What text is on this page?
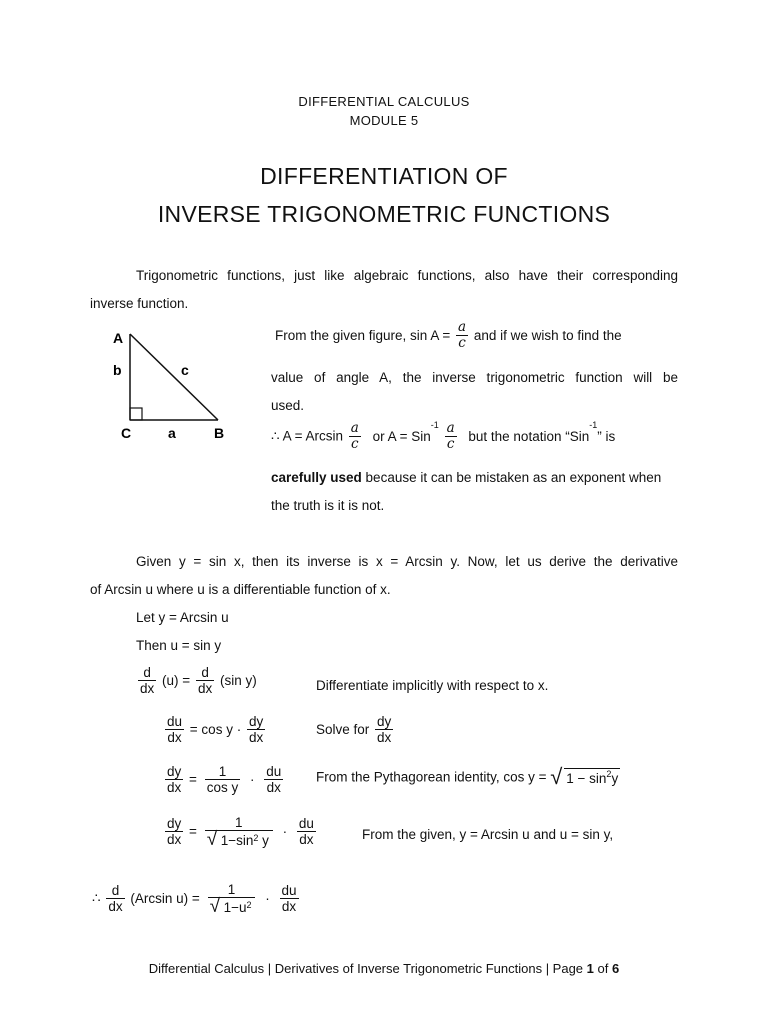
DIFFERENTIAL CALCULUS
MODULE 5
DIFFERENTIATION OF
INVERSE TRIGONOMETRIC FUNCTIONS
Trigonometric functions, just like algebraic functions, also have their corresponding
inverse function.
A
b	c
C	a	B
From the given figure, $\sin A = \frac{a}{c}$ and if we wish to find the
value of angle A, the inverse trigonometric function will be
used.
∴ A = Arcsin $\frac{a}{c}$ or $A = Sin^{-1} \frac{a}{c}$ but the notation “Sin$^{-1}$” is
carefully used because it can be mistaken as an exponent when
the truth is it is not.
Given y = sin x, then its inverse is x = Arcsin y. Now, let us derive the derivative
of Arcsin u where u is a differentiable function of x.
Let y = Arcsin u
Then u = sin y
$\frac{d}{dx} (u) = \frac{d}{dx} (\sin$ y)	Differentiate implicitly with respect to x.
$\frac{du}{dx} = \cos y \cdot \frac{dy}{dx}$	Solve for $\frac{dy}{dx}$
$\frac{dy}{dx} = \frac{1}{\text{cos y}} \cdot \frac{du}{dx}$ From the Pythagorean identity, cos y = √ $1 - \sin^2y$
$\frac{dy}{dx} = \frac{1}{√ 1-\sin^2 y} \cdot \frac{du}{dx}$	From the given, y = Arcsin u and u = sin y,
∴ $\frac{d}{dx} (Arcsin$ $u) = \frac{1}{√ 1-u^2} \cdot \frac{du}{dx}$
Differential Calculus | Derivatives of Inverse Trigonometric Functions | Page 1 of 6
